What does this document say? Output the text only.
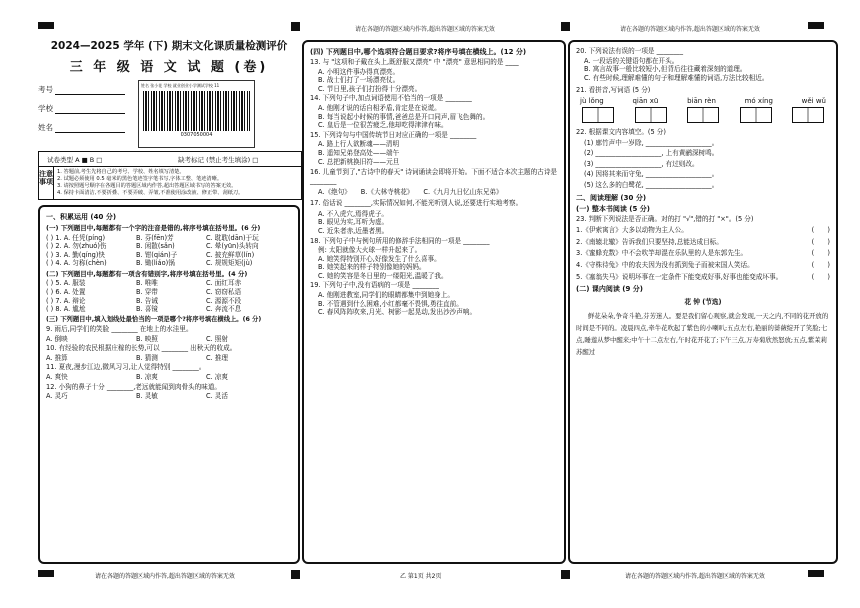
请在各题的答题区域内作答,超出答题区域的答案无效	请在各题的答题区域内作答,超出答题区域的答案无效
2024—2025 学年 (下) 期末文化课质量检测评价
三 年 级 语 文 试 题 (卷)
考号
学校
姓名
姓名 张小花 学校 就业创业小学测试学校 11
0307050004
试卷类型 A ■ B □	缺考标记 (禁止考生填涂) □
注意事项
1. 答题前,考生先将自己的考号、学校、姓名填写清楚。
2. 试题必须使用 0.5 毫米的黑色笔迹签字笔书写,字体工整、笔迹清晰。
3. 请按照题号顺序在各题目的答题区域内作答,超出答题区域书写的答案无效。
4. 保持卡面清洁,不要折叠、不要弄破、弄皱,不准使用涂改液、修正带、刮纸刀。
一、积累运用 (40 分)
(一) 下列题目中,每题都有一个字的注音是错的,将序号填在括号里。(6 分)
( ) 1. A. 任凭(píng)	B. 芬(fēn)芳	C. 耽耽(dān)于玩
( ) 2. A. 勿(zhuó)伤	B. 闲散(sǎn)	C. 晕(yūn)头转向
( ) 3. A. 勤(qíng)快	B. 钳(qián)子	C. 披充鲜草(lín)
( ) 4. A. 匀称(chèn)	B. 锄(liáo)锅	C. 规规矩矩(jù)
(二) 下列题目中,每题都有一项含有错别字,将序号填在括号里。(4 分)
( ) 5. A. 服装	B. 唯唯	C. 面红耳赤
( ) 6. A. 处置	B. 穿带	C. 窃窃私语
( ) 7. A. 辩论	B. 告诫	C. 源源不段
( ) 8. A. 尴尬	B. 喜镜	C. 奔流不息
(三) 下列题目中,填入划线处最恰当的一项是哪个?将序号填在横线上。(6 分)
9. 雨后,同学们的笑脸 ________ 在地上的水洼里。
A. 倒映	B. 映照	C. 照射
10. 有经验的农民根据庄稼的长势,可以 ________ 出秋天的收成。
A. 推算	B. 猜测	C. 推理
11. 夏夜,漫步江边,微风习习,让人觉得特别 ________。
A. 爽快	B. 凉爽	C. 凉爽
12. 小狗的鼻子十分 ________,老远就能闻到肉骨头的味道。
A. 灵巧	B. 灵敏	C. 灵活
(四) 下列题目中,哪个选项符合题目要求?将序号填在横线上。(12 分)
13. 与 "这项和子戴在头上,既舒服又漂亮" 中 "漂亮" 意思相同的是 ____
A. 小明这件事办得真漂亮。
B. 战士们打了一场漂亮仗。
C. 节日里,孩子们打扮得十分漂亮。
14. 下列句子中,加点词语使用不恰当的一项是 ________
A. 他刚才说的话自相矛盾,肯定是在说谎。
B. 每当说起小时候的事情,爸爸总是开口同声,眉飞色舞的。
C. 皇后是一位很苦疲乏,他却吃得津津有味。
15. 下列诗句与中国传统节日对应正确的一项是 ________
A. 路上行人欲断魂——清明
B. 遥知兄弟登高处——端午
C. 总把新桃换旧符——元旦
16. 儿童节到了,"古诗中的春天" 诗词诵读会即将开始。下面不适合本次主题的古诗是 ________
A.《绝句》　　B.《大林寺桃花》　　C.《九月九日忆山东兄弟》
17. 俗话说 ________,实际情况如何,不能光听别人说,还要进行实地考察。
A. 不入虎穴,焉得虎子。
B. 眼见为实,耳听为虚。
C. 近朱者赤,近墨者黑。
18. 下列句子中与例句所用的修辞手法相同的一项是 ________
例: 太阳就像大火球一样升起来了。
A. 她笑得特别开心,好像发生了什么喜事。
B. 她笑起来的样子特别像她的妈妈。
C. 她的笑容是冬日里的一缕阳光,温暖了我。
19. 下列句子中,没有语病的一项是 ________
A. 他刚进教室,同学们的眼睛都集中到她身上。
B. 不管遇到什么困难,小红都毫不畏惧,勇往直前。
C. 春风阵阵吹来,月光、树影一起晃动,发出沙沙声响。
20. 下列说法有误的一项是 ________
A. 一段话的关键语句都在开头。
B. 寓言故事一般比较短小,但背后往往藏着深刻的道理。
C. 有些时候,理解难懂的句子和理解难懂的词语,方法比较相近。
21. 看拼音,写词语 (5 分)
jù lǒng	qiān xū	biān rèn	mó xíng	wěi wǔ
22. 根据课文内容填空。(5 分)
(1) 廓竹声中一岁除, ____________________。
(2) ____________________, 上有黄鹂深树鸣。
(3) ____________________, 有过则改。
(4) 因将其来而守兔, ____________________。
(5) 这么多的白鹭花, ____________________。
二、阅读理解 (30 分)
(一) 整本书阅读 (5 分)
23. 判断下列说法是否正确。对的打 "√",错的打 "×"。(5 分)
1.《伊索寓言》大多以动物为主人公。	(　　)
2.《南辕北辙》告诉我们只要坚持,总能达成目标。	(　　)
3.《蜜蜂充数》中不会吹竽却混在乐队里的人是东郭先生。	(　　)
4.《守株待兔》中的农夫因为没有抓到兔子而被宋国人笑话。	(　　)
5.《塞翁失马》说明坏事在一定条件下能变成好事,好事也能变成坏事。	(　　)
(二) 课内阅读 (9 分)
花 钟 (节选)
鲜花朵朵,争奇斗艳,芬芳迷人。要是我们留心观察,就会发现,一天之内,不同的花开放的时间是不同的。凌晨四点,牵牛花吹起了紫色的小喇叭;五点左右,艳丽的蔷薇绽开了笑脸;七点,睡莲从梦中醒来;中午十二点左右,午时花开花了;下午三点,万寿菊欣然怒放;五点,紫茉莉苏醒过
请在各题的答题区域内作答,超出答题区域的答案无效	乙 第1页 共2页	请在各题的答题区域内作答,超出答题区域的答案无效
